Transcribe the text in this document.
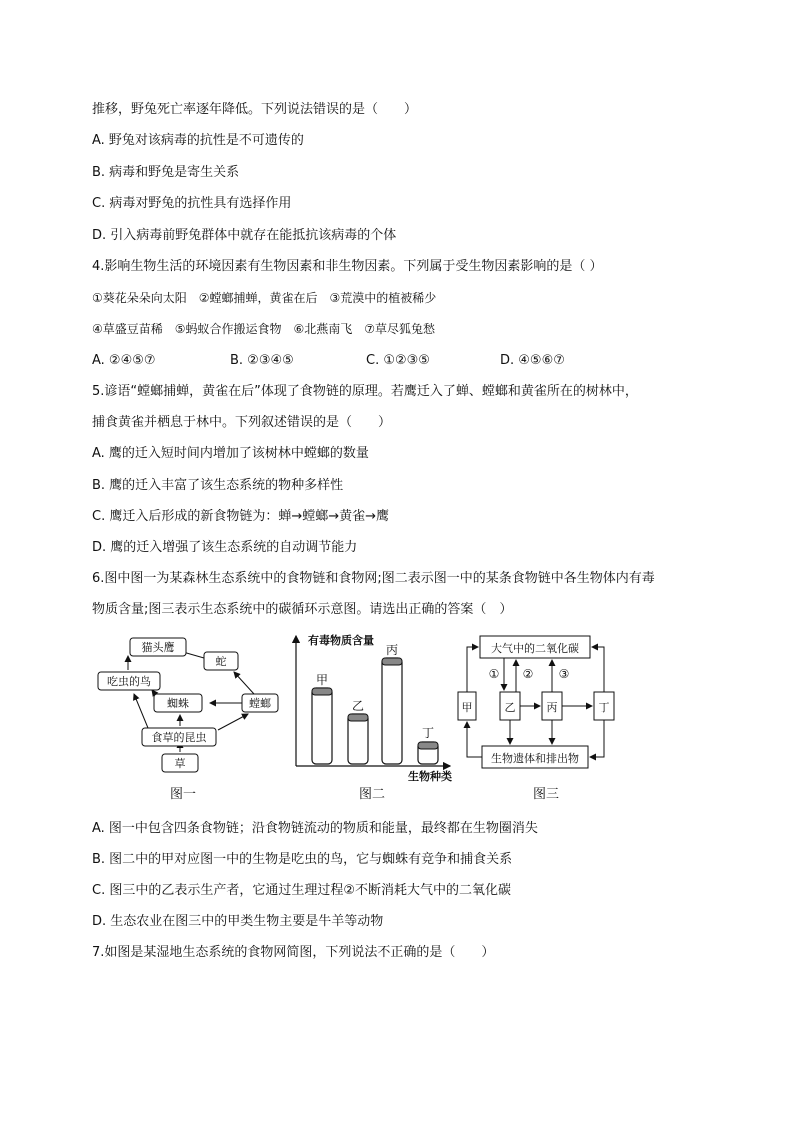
推移，野兔死亡率逐年降低。下列说法错误的是（　　）
A. 野兔对该病毒的抗性是不可遗传的
B. 病毒和野兔是寄生关系
C. 病毒对野兔的抗性具有选择作用
D. 引入病毒前野兔群体中就存在能抵抗该病毒的个体
4.影响生物生活的环境因素有生物因素和非生物因素。下列属于受生物因素影响的是（ ）
①葵花朵朵向太阳　②螳螂捕蝉，黄雀在后　③荒漠中的植被稀少
④草盛豆苗稀　⑤蚂蚁合作搬运食物　⑥北燕南飞　⑦草尽狐兔愁
A. ②④⑤⑦	B. ②③④⑤	C. ①②③⑤	D. ④⑤⑥⑦
5.谚语“螳螂捕蝉，黄雀在后”体现了食物链的原理。若鹰迁入了蝉、螳螂和黄雀所在的树林中，
捕食黄雀并栖息于林中。下列叙述错误的是（　　）
A. 鹰的迁入短时间内增加了该树林中螳螂的数量
B. 鹰的迁入丰富了该生态系统的物种多样性
C. 鹰迁入后形成的新食物链为：蝉→螳螂→黄雀→鹰
D. 鹰的迁入增强了该生态系统的自动调节能力
6.图中图一为某森林生态系统中的食物链和食物网;图二表示图一中的某条食物链中各生物体内有毒
物质含量;图三表示生态系统中的碳循环示意图。请选出正确的答案（　）
猫头鹰
蛇
吃虫的鸟
蜘蛛	螳螂
食草的昆虫
草
图一
有毒物质含量
生物种类
甲
乙
丙
丁
图二
大气中的二氧化碳
甲	乙	丙	丁
生物遗体和排出物
① ② ③
图三
A. 图一中包含四条食物链；沿食物链流动的物质和能量，最终都在生物圈消失
B. 图二中的甲对应图一中的生物是吃虫的鸟，它与蜘蛛有竞争和捕食关系
C. 图三中的乙表示生产者，它通过生理过程②不断消耗大气中的二氧化碳
D. 生态农业在图三中的甲类生物主要是牛羊等动物
7.如图是某湿地生态系统的食物网简图，下列说法不正确的是（　　）
